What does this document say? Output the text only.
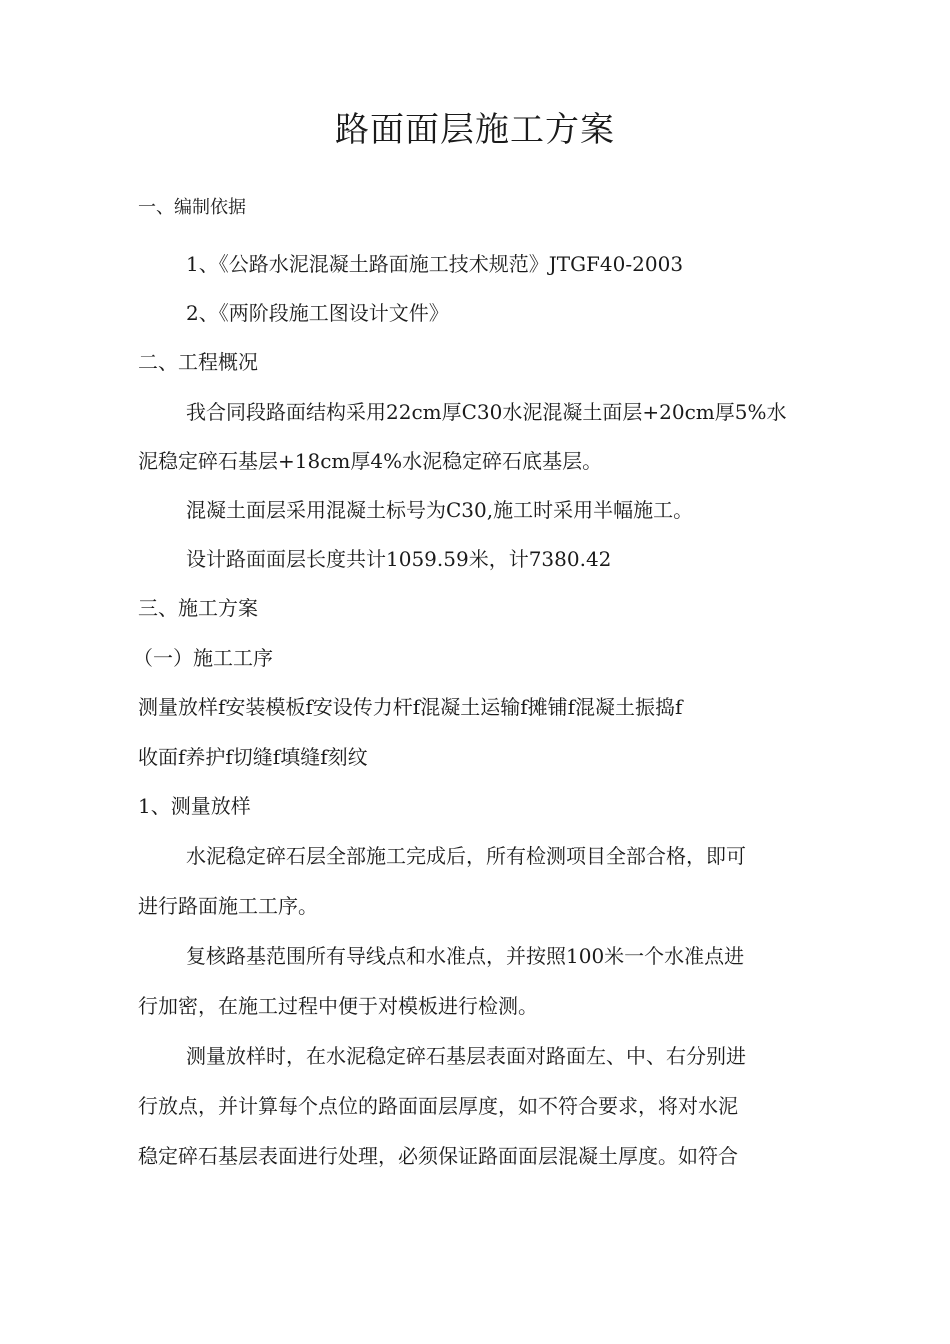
路面面层施工方案

一、编制依据

1、《公路水泥混凝土路面施工技术规范》JTGF40-2003

2、《两阶段施工图设计文件》

二、工程概况

我合同段路面结构采用22cm厚C30水泥混凝土面层+20cm厚5%水

泥稳定碎石基层+18cm厚4%水泥稳定碎石底基层。

混凝土面层采用混凝土标号为C30,施工时采用半幅施工。

设计路面面层长度共计1059.59米，计7380.42

三、施工方案

（一）施工工序

测量放样f安装模板f安设传力杆f混凝土运输f摊铺f混凝土振捣f

收面f养护f切缝f填缝f刻纹

1、测量放样

水泥稳定碎石层全部施工完成后，所有检测项目全部合格，即可

进行路面施工工序。

复核路基范围所有导线点和水准点，并按照100米一个水准点进

行加密，在施工过程中便于对模板进行检测。

测量放样时，在水泥稳定碎石基层表面对路面左、中、右分别进

行放点，并计算每个点位的路面面层厚度，如不符合要求，将对水泥

稳定碎石基层表面进行处理，必须保证路面面层混凝土厚度。如符合
